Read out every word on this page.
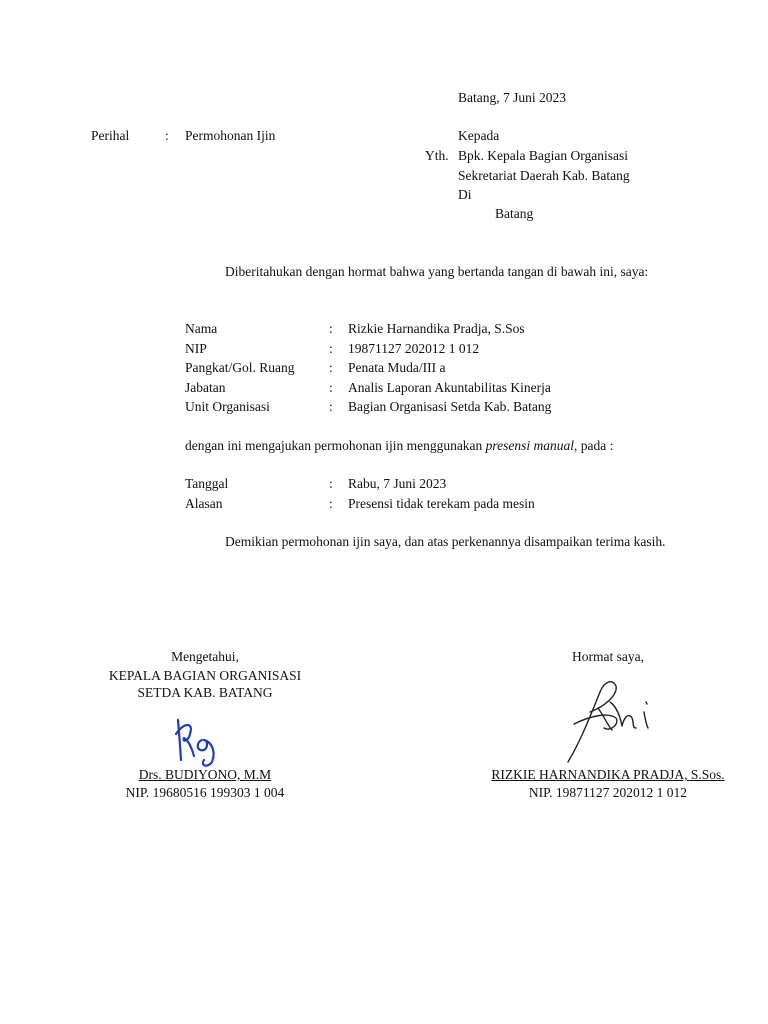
Batang, 7 Juni 2023
Perihal	: Permohonan Ijin	Kepada
Yth. Bpk. Kepala Bagian Organisasi
Sekretariat Daerah Kab. Batang
Di
Batang
Diberitahukan dengan hormat bahwa yang bertanda tangan di bawah ini, saya:
Nama	: Rizkie Harnandika Pradja, S.Sos
NIP	: 19871127 202012 1 012
Pangkat/Gol. Ruang	: Penata Muda/III a
Jabatan	: Analis Laporan Akuntabilitas Kinerja
Unit Organisasi	: Bagian Organisasi Setda Kab. Batang
dengan ini mengajukan permohonan ijin menggunakan presensi manual, pada :
Tanggal	: Rabu, 7 Juni 2023
Alasan	: Presensi tidak terekam pada mesin
Demikian permohonan ijin saya, dan atas perkenannya disampaikan terima kasih.
Mengetahui,
KEPALA BAGIAN ORGANISASI
SETDA KAB. BATANG
Drs. BUDIYONO, M.M
NIP. 19680516 199303 1 004
Hormat saya,
RIZKIE HARNANDIKA PRADJA, S.Sos.
NIP. 19871127 202012 1 012
